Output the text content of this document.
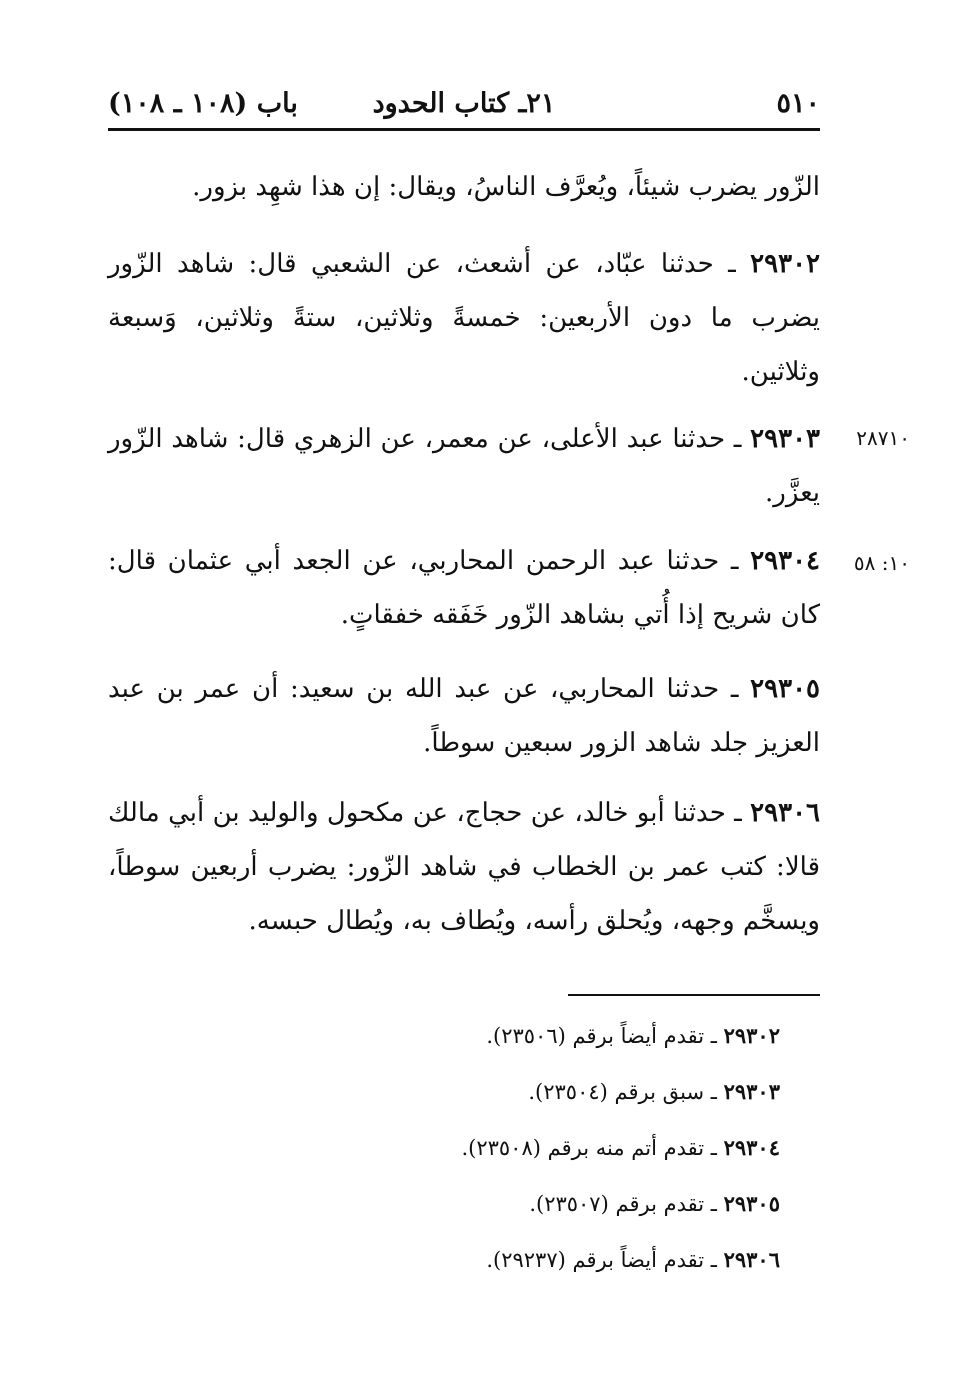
٥١٠
٢١ـ كتاب الحدود
باب (١٠٨ ـ ١٠٨)
الزّور يضرب شيئاً، ويُعرَّف الناسُ، ويقال: إن هذا شهِد بزور.
٢٩٣٠٢ ـ حدثنا عبّاد، عن أشعث، عن الشعبي قال: شاهد الزّور يضرب ما دون الأربعين: خمسةً وثلاثين، ستةً وثلاثين، وَسبعة وثلاثين.
٢٩٣٠٣ ـ حدثنا عبد الأعلى، عن معمر، عن الزهري قال: شاهد الزّور يعزَّر.
٢٨٧١٠
٢٩٣٠٤ ـ حدثنا عبد الرحمن المحاربي، عن الجعد أبي عثمان قال: كان شريح إذا أُتي بشاهد الزّور خَفَقه خفقاتٍ.
١٠: ٥٨
٢٩٣٠٥ ـ حدثنا المحاربي، عن عبد الله بن سعيد: أن عمر بن عبد العزيز جلد شاهد الزور سبعين سوطاً.
٢٩٣٠٦ ـ حدثنا أبو خالد، عن حجاج، عن مكحول والوليد بن أبي مالك قالا: كتب عمر بن الخطاب في شاهد الزّور: يضرب أربعين سوطاً، ويسخَّم وجهه، ويُحلق رأسه، ويُطاف به، ويُطال حبسه.
٢٩٣٠٢ ـ تقدم أيضاً برقم (٢٣٥٠٦).
٢٩٣٠٣ ـ سبق برقم (٢٣٥٠٤).
٢٩٣٠٤ ـ تقدم أتم منه برقم (٢٣٥٠٨).
٢٩٣٠٥ ـ تقدم برقم (٢٣٥٠٧).
٢٩٣٠٦ ـ تقدم أيضاً برقم (٢٩٢٣٧).
